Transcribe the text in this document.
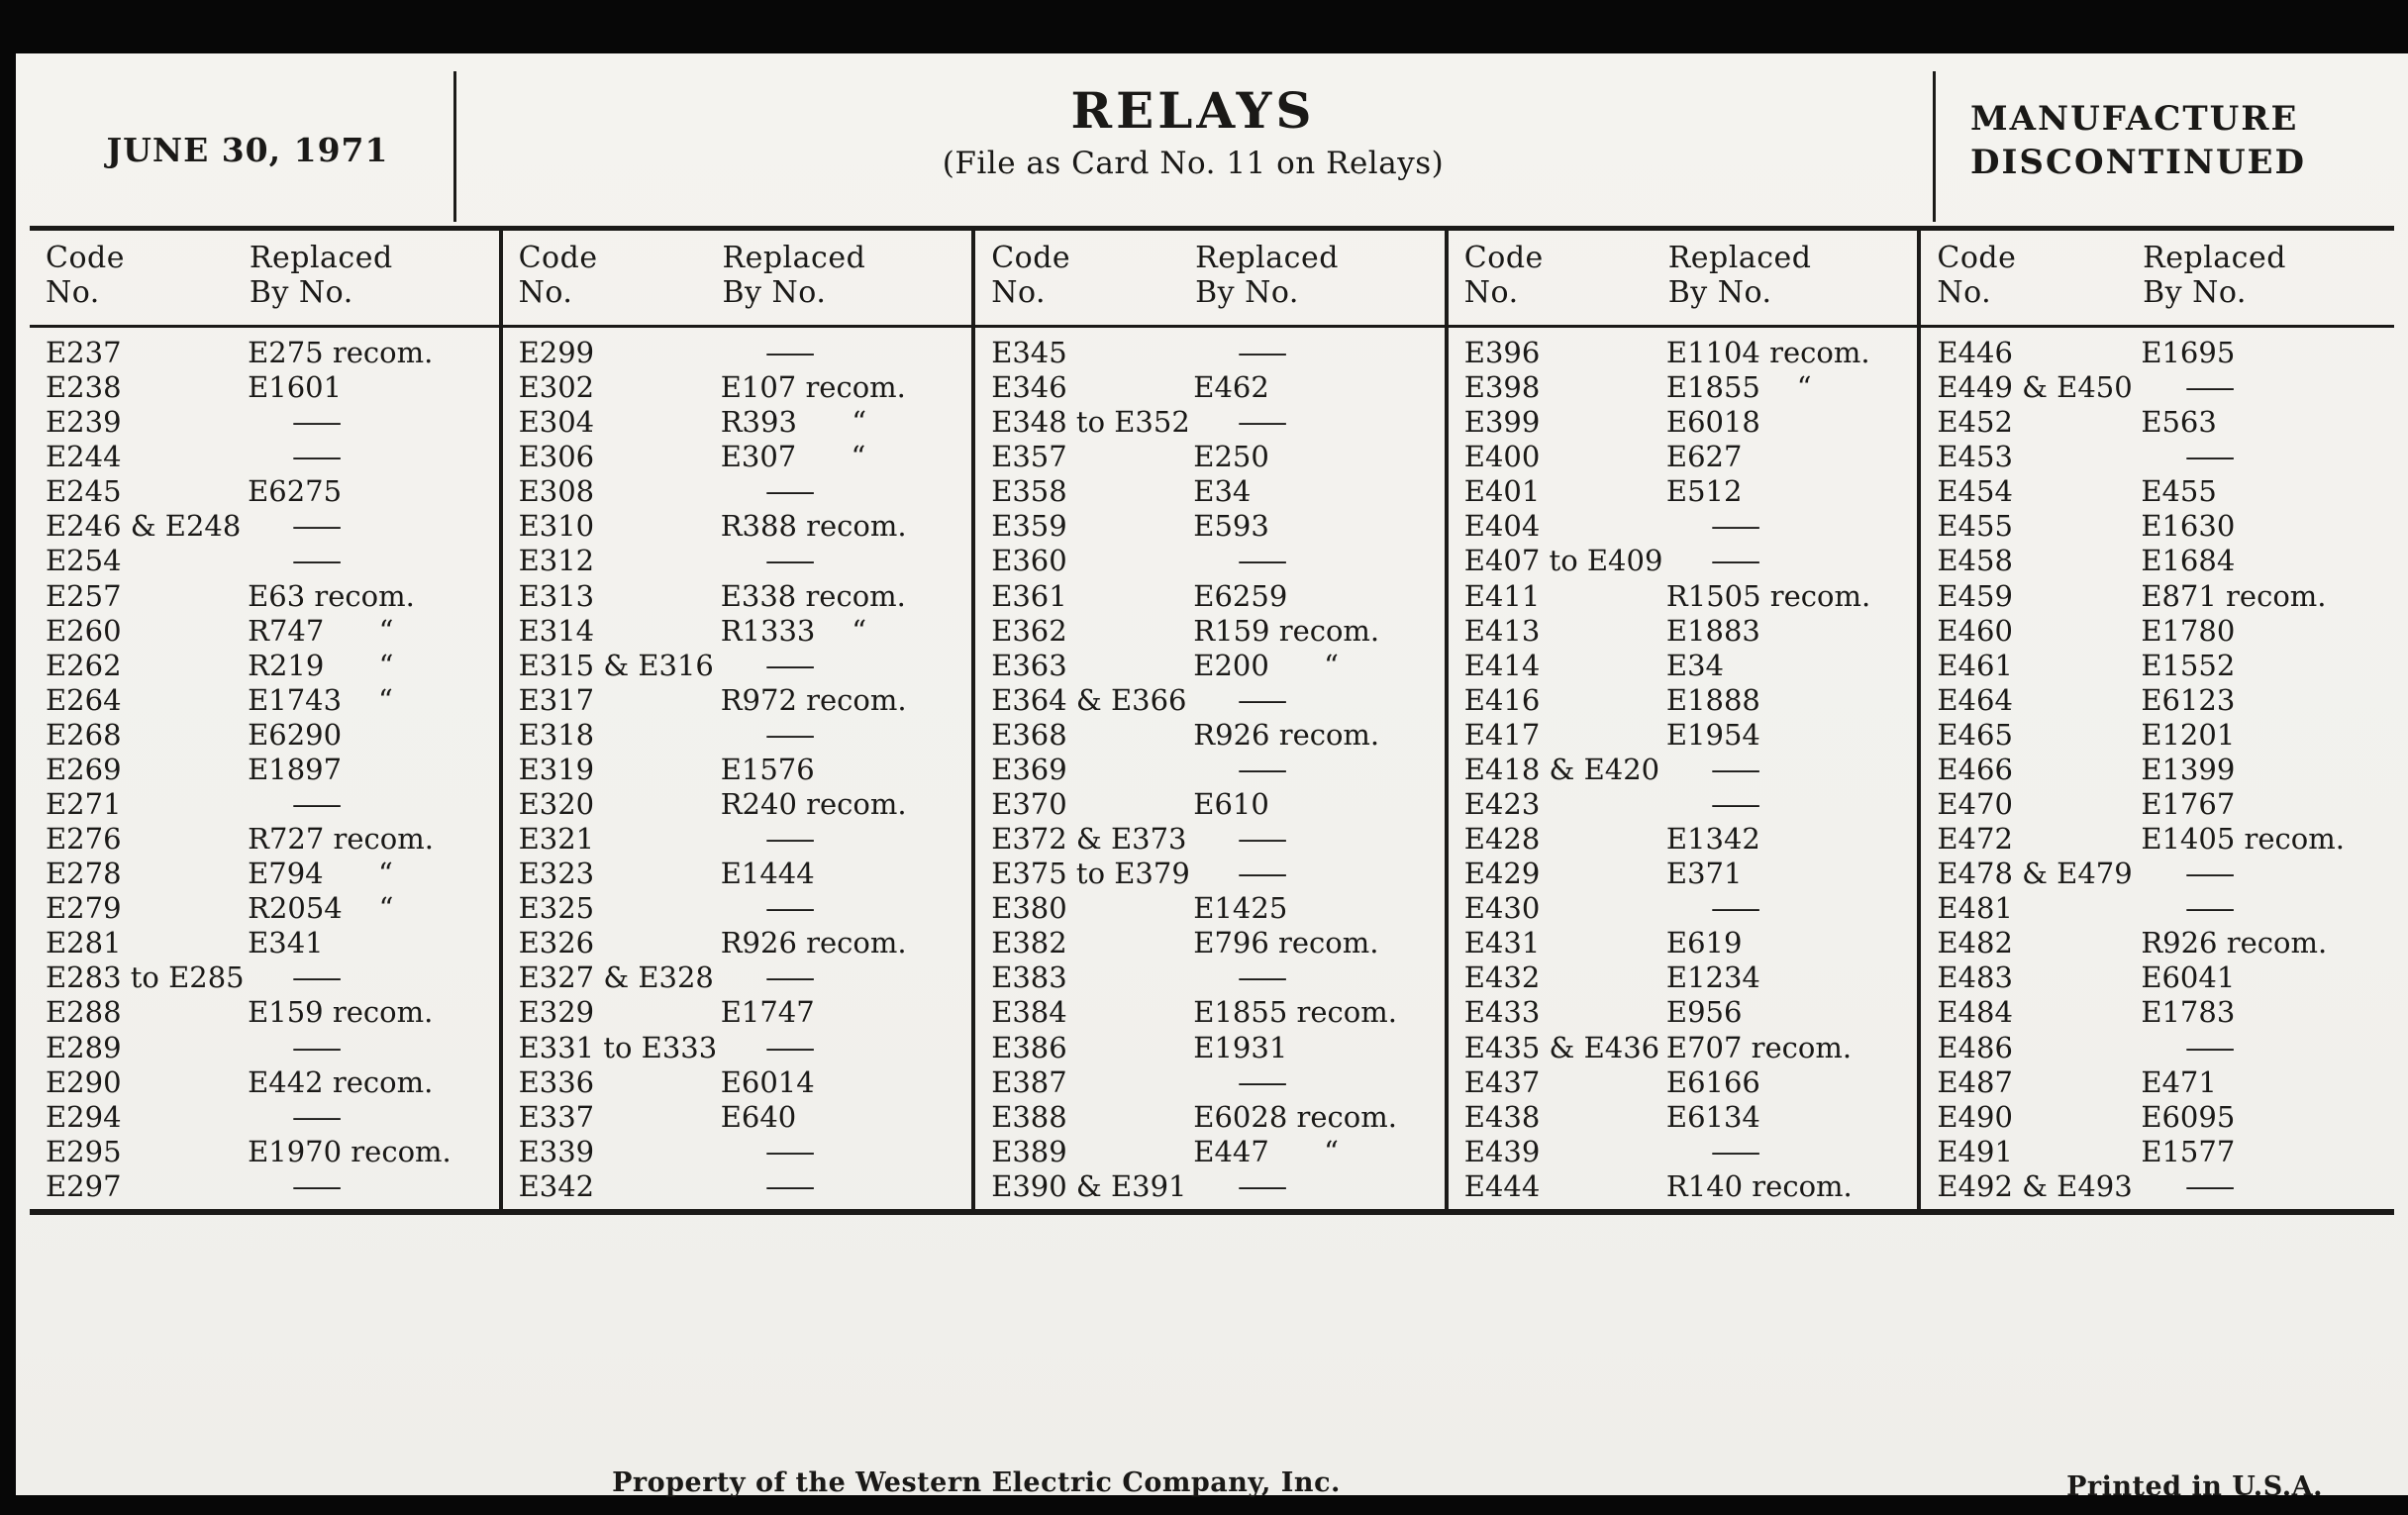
JUNE 30, 1971
RELAYS
(File as Card No. 11 on Relays)
MANUFACTURE
DISCONTINUED
Code
No.
Replaced
By No.
E237	E275 recom.
E238	E1601
E239	—
E244	—
E245	E6275
E246 & E248	—
E254	—
E257	E63 recom.
E260	R747      “
E262	R219      “
E264	E1743    “
E268	E6290
E269	E1897
E271	—
E276	R727 recom.
E278	E794      “
E279	R2054    “
E281	E341
E283 to E285	—
E288	E159 recom.
E289	—
E290	E442 recom.
E294	—
E295	E1970 recom.
E297	—
Code
No.
Replaced
By No.
E299	—
E302	E107 recom.
E304	R393      “
E306	E307      “
E308	—
E310	R388 recom.
E312	—
E313	E338 recom.
E314	R1333    “
E315 & E316	—
E317	R972 recom.
E318	—
E319	E1576
E320	R240 recom.
E321	—
E323	E1444
E325	—
E326	R926 recom.
E327 & E328	—
E329	E1747
E331 to E333	—
E336	E6014
E337	E640
E339	—
E342	—
Code
No.
Replaced
By No.
E345	—
E346	E462
E348 to E352	—
E357	E250
E358	E34
E359	E593
E360	—
E361	E6259
E362	R159 recom.
E363	E200      “
E364 & E366	—
E368	R926 recom.
E369	—
E370	E610
E372 & E373	—
E375 to E379	—
E380	E1425
E382	E796 recom.
E383	—
E384	E1855 recom.
E386	E1931
E387	—
E388	E6028 recom.
E389	E447      “
E390 & E391	—
Code
No.
Replaced
By No.
E396	E1104 recom.
E398	E1855    “
E399	E6018
E400	E627
E401	E512
E404	—
E407 to E409	—
E411	R1505 recom.
E413	E1883
E414	E34
E416	E1888
E417	E1954
E418 & E420	—
E423	—
E428	E1342
E429	E371
E430	—
E431	E619
E432	E1234
E433	E956
E435 & E436 E707 recom.
E437	E6166
E438	E6134
E439	—
E444	R140 recom.
Code
No.
Replaced
By No.
E446	E1695
E449 & E450	—
E452	E563
E453	—
E454	E455
E455	E1630
E458	E1684
E459	E871 recom.
E460	E1780
E461	E1552
E464	E6123
E465	E1201
E466	E1399
E470	E1767
E472	E1405 recom.
E478 & E479	—
E481	—
E482	R926 recom.
E483	E6041
E484	E1783
E486	—
E487	E471
E490	E6095
E491	E1577
E492 & E493	—
Property of the Western Electric Company, Inc.	Printed in U.S.A.
